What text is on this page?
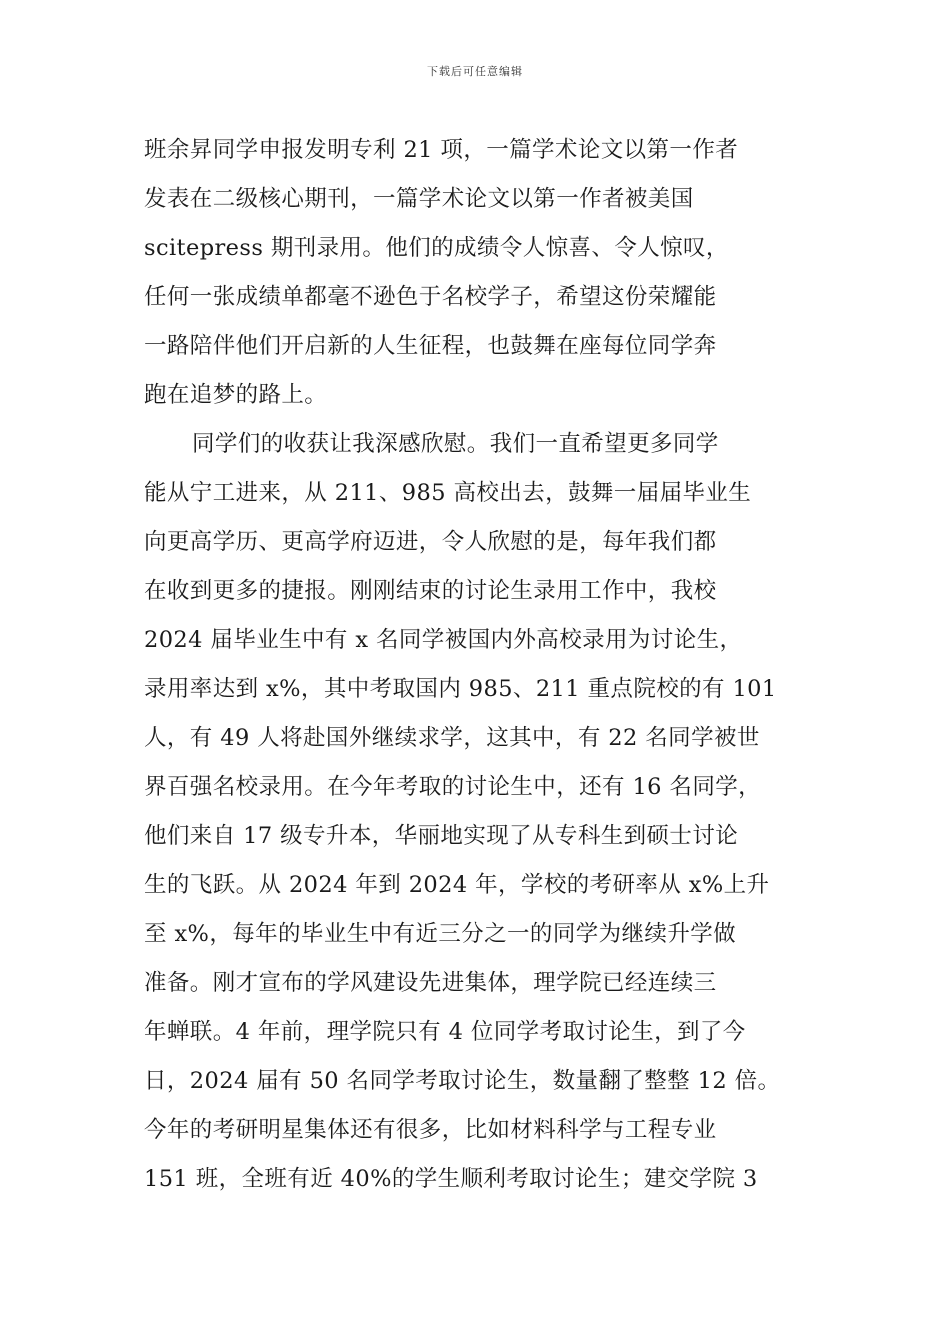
下载后可任意编辑
班余昇同学申报发明专利 21 项，一篇学术论文以第一作者
发表在二级核心期刊，一篇学术论文以第一作者被美国
scitepress 期刊录用。他们的成绩令人惊喜、令人惊叹，
任何一张成绩单都毫不逊色于名校学子，希望这份荣耀能
一路陪伴他们开启新的人生征程，也鼓舞在座每位同学奔
跑在追梦的路上。
同学们的收获让我深感欣慰。我们一直希望更多同学
能从宁工进来，从 211、985 高校出去，鼓舞一届届毕业生
向更高学历、更高学府迈进，令人欣慰的是，每年我们都
在收到更多的捷报。刚刚结束的讨论生录用工作中，我校
2024 届毕业生中有 x 名同学被国内外高校录用为讨论生，
录用率达到 x%，其中考取国内 985、211 重点院校的有 101
人，有 49 人将赴国外继续求学，这其中，有 22 名同学被世
界百强名校录用。在今年考取的讨论生中，还有 16 名同学，
他们来自 17 级专升本，华丽地实现了从专科生到硕士讨论
生的飞跃。从 2024 年到 2024 年，学校的考研率从 x%上升
至 x%，每年的毕业生中有近三分之一的同学为继续升学做
准备。刚才宣布的学风建设先进集体，理学院已经连续三
年蝉联。4 年前，理学院只有 4 位同学考取讨论生，到了今
日，2024 届有 50 名同学考取讨论生，数量翻了整整 12 倍。
今年的考研明星集体还有很多，比如材料科学与工程专业
151 班，全班有近 40%的学生顺利考取讨论生；建交学院 3
